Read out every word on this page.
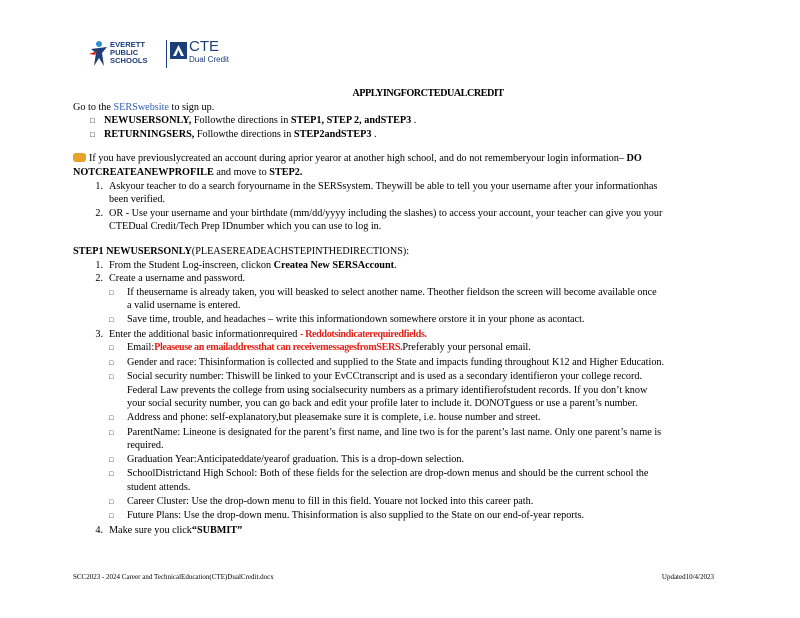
EVERETT
PUBLIC
SCHOOLS
CTE
Dual Credit
APPLYINGFORCTEDUALCREDIT
Go to the SERSwebsite to sign up.
□ NEWUSERSONLY, Followthe directions in STEP1, STEP 2, andSTEP3 .
□ RETURNINGSERS, Followthe directions in STEP2andSTEP3 .
If you have previouslycreated an account during aprior yearor at another high school, and do not rememberyour login information– DO
NOTCREATEANEWPROFILE and move to STEP2.
1. Askyour teacher to do a search foryourname in the SERSsystem. Theywill be able to tell you your username after your informationhas
been verified.
2. OR - Use your username and your birthdate (mm/dd/yyyy including the slashes) to access your account, your teacher can give you your
CTEDual Credit/Tech Prep IDnumber which you can use to log in.
STEP1 NEWUSERSONLY(PLEASEREADEACHSTEPINTHEDIRECTIONS):
1. From the Student Log-inscreen, clickon Createa New SERSAccount.
2. Create a username and password.
□	If theusername is already taken, you will beasked to select another name. Theother fieldson the screen will become available once
a valid username is entered.
□	Save time, trouble, and headaches – write this informationdown somewhere orstore it in your phone as acontact.
3. Enter the additional basic informationrequired - Reddotsindicaterequiredfields.
□	Email:Pleaseuse an emailaddressthat can receivemessagesfromSERS.Preferably your personal email.
□	Gender and race: Thisinformation is collected and supplied to the State and impacts funding throughout K12 and Higher Education.
□	Social security number: Thiswill be linked to your EvCCtranscript and is used as a secondary identifieron your college record.
Federal Law prevents the college from using socialsecurity numbers as a primary identifierofstudent records. If you don’t know
your social security number, you can go back and edit your profile later to include it. DONOTguess or use a parent’s number.
□	Address and phone: self-explanatory,but pleasemake sure it is complete, i.e. house number and street.
□	ParentName: Lineone is designated for the parent’s first name, and line two is for the parent’s last name. Only one parent’s name is
required.
□	Graduation Year:Anticipateddate/yearof graduation. This is a drop-down selection.
□	SchoolDistrictand High School: Both of these fields for the selection are drop-down menus and should be the current school the
student attends.
□	Career Cluster: Use the drop-down menu to fill in this field. Youare not locked into this career path.
□	Future Plans: Use the drop-down menu. Thisinformation is also supplied to the State on our end-of-year reports.
4. Make sure you click“SUBMIT”
SCC2023 - 2024 Career and TechnicalEducation(CTE)DualCredit.docx	Updated10/4/2023
